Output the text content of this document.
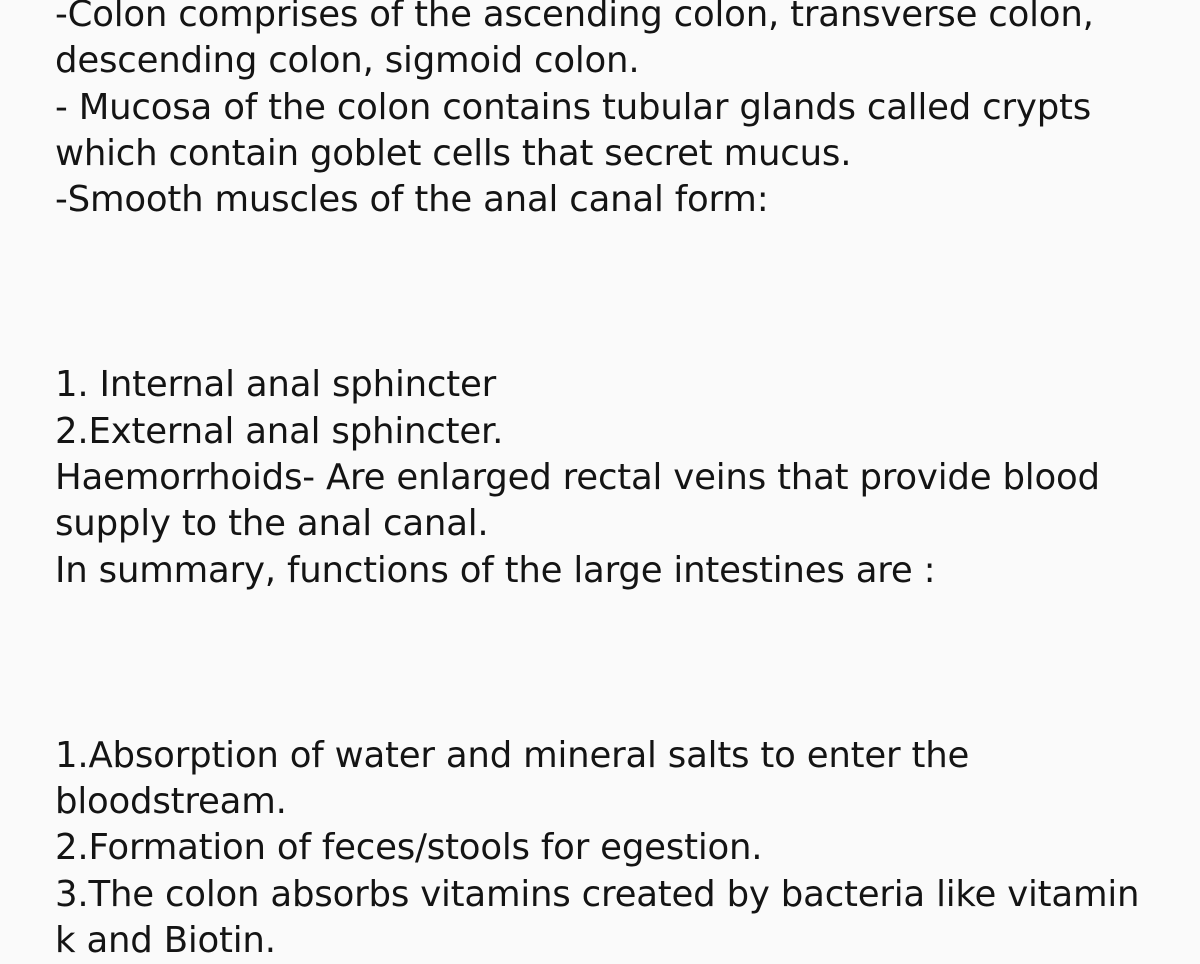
-Colon comprises of the ascending colon, transverse colon,
descending colon, sigmoid colon.
- Mucosa of the colon contains tubular glands called crypts
which contain goblet cells that secret mucus.
-Smooth muscles of the anal canal form:
1. Internal anal sphincter
2.External anal sphincter.
Haemorrhoids- Are enlarged rectal veins that provide blood
supply to the anal canal.
In summary, functions of the large intestines are :
1.Absorption of water and mineral salts to enter the
bloodstream.
2.Formation of feces/stools for egestion.
3.The colon absorbs vitamins created by bacteria like vitamin
k and Biotin.
